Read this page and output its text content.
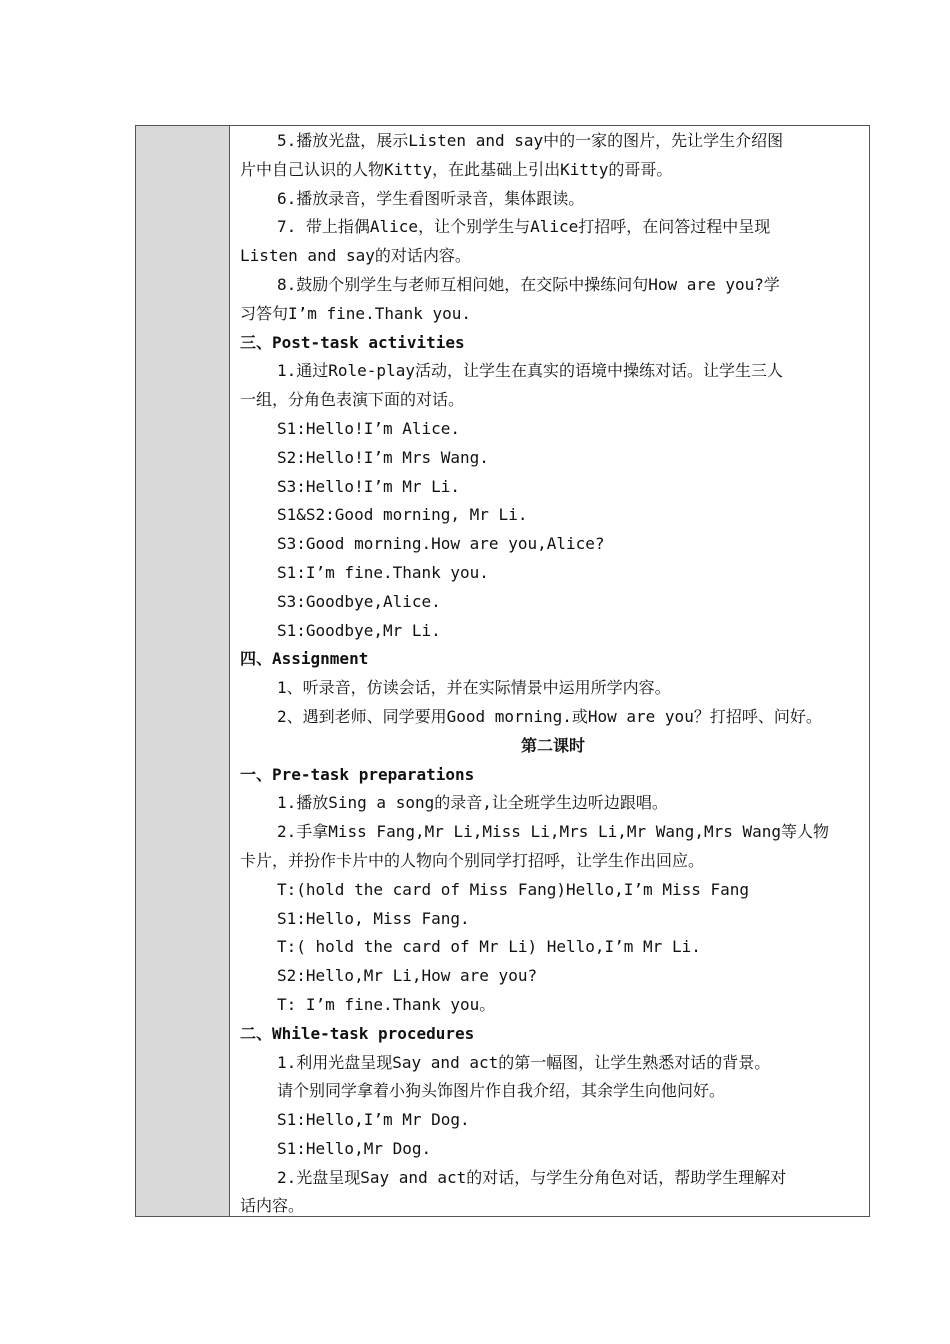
5.播放光盘，展示Listen and say中的一家的图片，先让学生介绍图
片中自己认识的人物Kitty，在此基础上引出Kitty的哥哥。
6.播放录音，学生看图听录音，集体跟读。
7. 带上指偶Alice，让个别学生与Alice打招呼，在问答过程中呈现
Listen and say的对话内容。
8.鼓励个别学生与老师互相问她，在交际中操练问句How are you?学
习答句I’m fine.Thank you.
三、Post-task activities
1.通过Role-play活动，让学生在真实的语境中操练对话。让学生三人
一组，分角色表演下面的对话。
S1:Hello!I’m Alice.
S2:Hello!I’m Mrs Wang.
S3:Hello!I’m Mr Li.
S1&S2:Good morning, Mr Li.
S3:Good morning.How are you,Alice?
S1:I’m fine.Thank you.
S3:Goodbye,Alice.
S1:Goodbye,Mr Li.
四、Assignment
1、听录音，仿读会话，并在实际情景中运用所学内容。
2、遇到老师、同学要用Good morning.或How are you？打招呼、问好。
第二课时
一、Pre-task preparations
1.播放Sing a song的录音,让全班学生边听边跟唱。
2.手拿Miss Fang,Mr Li,Miss Li,Mrs Li,Mr Wang,Mrs Wang等人物
卡片，并扮作卡片中的人物向个别同学打招呼，让学生作出回应。
T:(hold the card of Miss Fang)Hello,I’m Miss Fang
S1:Hello, Miss Fang.
T:( hold the card of Mr Li) Hello,I’m Mr Li.
S2:Hello,Mr Li,How are you?
T: I’m fine.Thank you。
二、While-task procedures
1.利用光盘呈现Say and act的第一幅图，让学生熟悉对话的背景。
请个别同学拿着小狗头饰图片作自我介绍，其余学生向他问好。
S1:Hello,I’m Mr Dog.
S1:Hello,Mr Dog.
2.光盘呈现Say and act的对话，与学生分角色对话，帮助学生理解对
话内容。
